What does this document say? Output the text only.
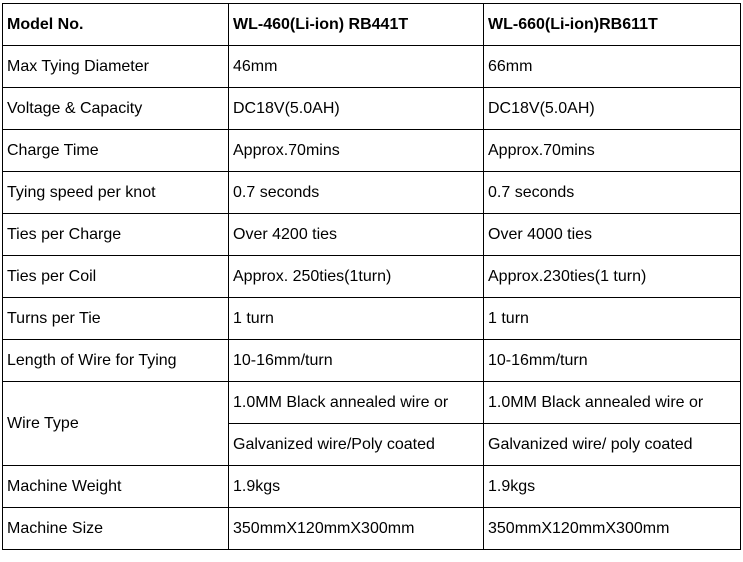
Model No.	WL-460(Li-ion) RB441T	WL-660(Li-ion)RB611T
Max Tying Diameter	46mm	66mm
Voltage & Capacity	DC18V(5.0AH)	DC18V(5.0AH)
Charge Time	Approx.70mins	Approx.70mins
Tying speed per knot	0.7 seconds	0.7 seconds
Ties per Charge	Over 4200 ties	Over 4000 ties
Ties per Coil	Approx. 250ties(1turn)	Approx.230ties(1 turn)
Turns per Tie	1 turn	1 turn
Length of Wire for Tying	10-16mm/turn	10-16mm/turn
Wire Type	1.0MM Black annealed wire or	1.0MM Black annealed wire or
	Galvanized wire/Poly coated	Galvanized wire/ poly coated
Machine Weight	1.9kgs	1.9kgs
Machine Size	350mmX120mmX300mm	350mmX120mmX300mm
